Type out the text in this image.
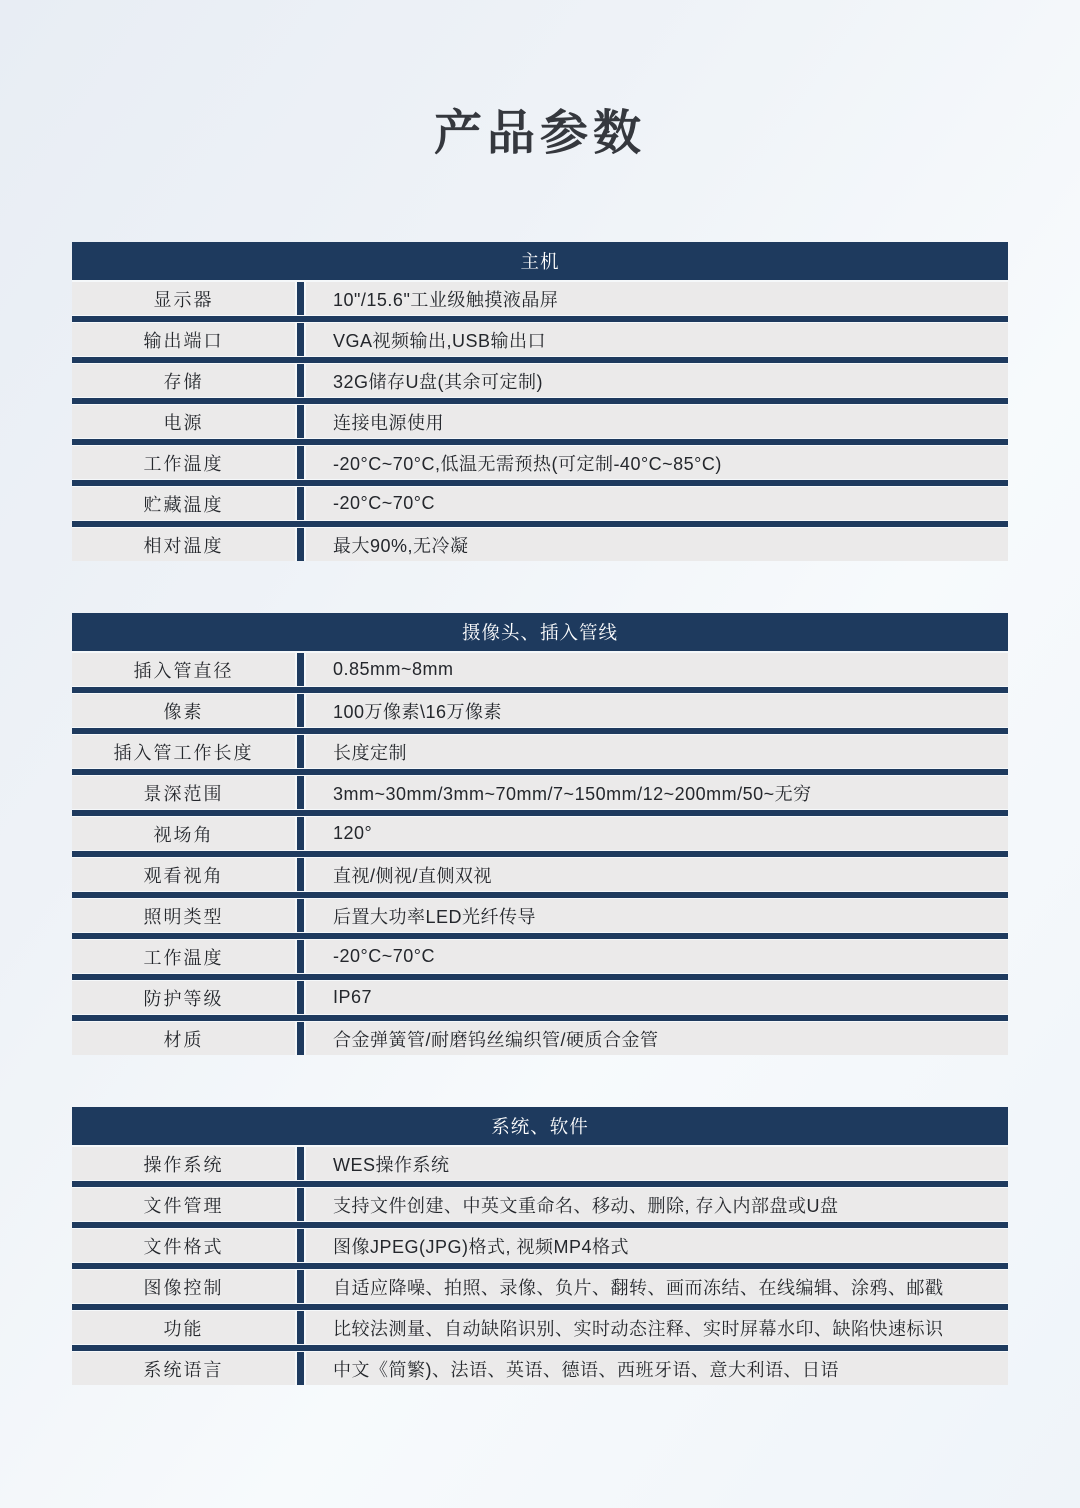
产品参数
主机
显示器	10"/15.6"工业级触摸液晶屏
输出端口	VGA视频输出,USB输出口
存储	32G储存U盘(其余可定制)
电源	连接电源使用
工作温度	-20°C~70°C,低温无需预热(可定制-40°C~85°C)
贮藏温度	-20°C~70°C
相对温度	最大90%,无冷凝
摄像头、插入管线
插入管直径	0.85mm~8mm
像素	100万像素\16万像素
插入管工作长度	长度定制
景深范围	3mm~30mm/3mm~70mm/7~150mm/12~200mm/50~无穷
视场角	120°
观看视角	直视/侧视/直侧双视
照明类型	后置大功率LED光纤传导
工作温度	-20°C~70°C
防护等级	IP67
材质	合金弹簧管/耐磨钨丝编织管/硬质合金管
系统、软件
操作系统	WES操作系统
文件管理	支持文件创建、中英文重命名、移动、删除, 存入内部盘或U盘
文件格式	图像JPEG(JPG)格式, 视频MP4格式
图像控制	自适应降噪、拍照、录像、负片、翻转、画而冻结、在线编辑、涂鸦、邮戳
功能	比较法测量、自动缺陷识别、实时动态注释、实时屏幕水印、缺陷快速标识
系统语言	中文《简繁)、法语、英语、德语、西班牙语、意大利语、日语
